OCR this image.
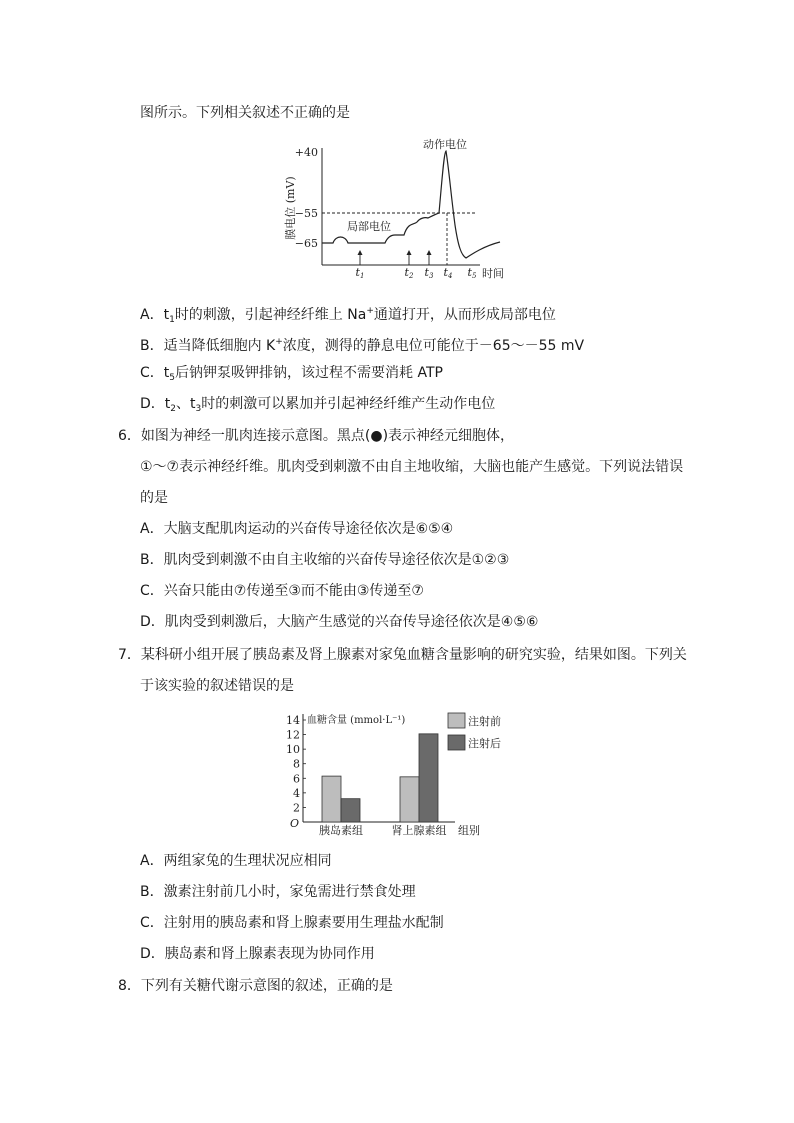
图所示。下列相关叙述不正确的是
膜电位 (mV)
+40
−55
−65
动作电位
局部电位
t1	t2 t3 t4 t5 时间
A．$t_1$时的刺激，引起神经纤维上 Na+通道打开，从而形成局部电位
B．适当降低细胞内 K+浓度，测得的静息电位可能位于－65～－55 mV
C．$t_5$后钠钾泵吸钾排钠，该过程不需要消耗 ATP
D．$t_2$、$t_3$时的刺激可以累加并引起神经纤维产生动作电位
6．如图为神经一肌肉连接示意图。黑点(●)表示神经元细胞体，
①～⑦表示神经纤维。肌肉受到刺激不由自主地收缩，大脑也能产生感觉。下列说法错误
的是
A．大脑支配肌肉运动的兴奋传导途径依次是⑥⑤④
B．肌肉受到刺激不由自主收缩的兴奋传导途径依次是①②③
C．兴奋只能由⑦传递至③而不能由③传递至⑦
D．肌肉受到刺激后，大脑产生感觉的兴奋传导途径依次是④⑤⑥
7．某科研小组开展了胰岛素及肾上腺素对家兔血糖含量影响的研究实验，结果如图。下列关
于该实验的叙述错误的是
2
4
6
8
10
12
14
O
血糖含量 (mmol·L⁻¹)
胰岛素组	肾上腺素组 组别
注射前
注射后
A．两组家兔的生理状况应相同
B．激素注射前几小时，家兔需进行禁食处理
C．注射用的胰岛素和肾上腺素要用生理盐水配制
D．胰岛素和肾上腺素表现为协同作用
8．下列有关糖代谢示意图的叙述，正确的是
